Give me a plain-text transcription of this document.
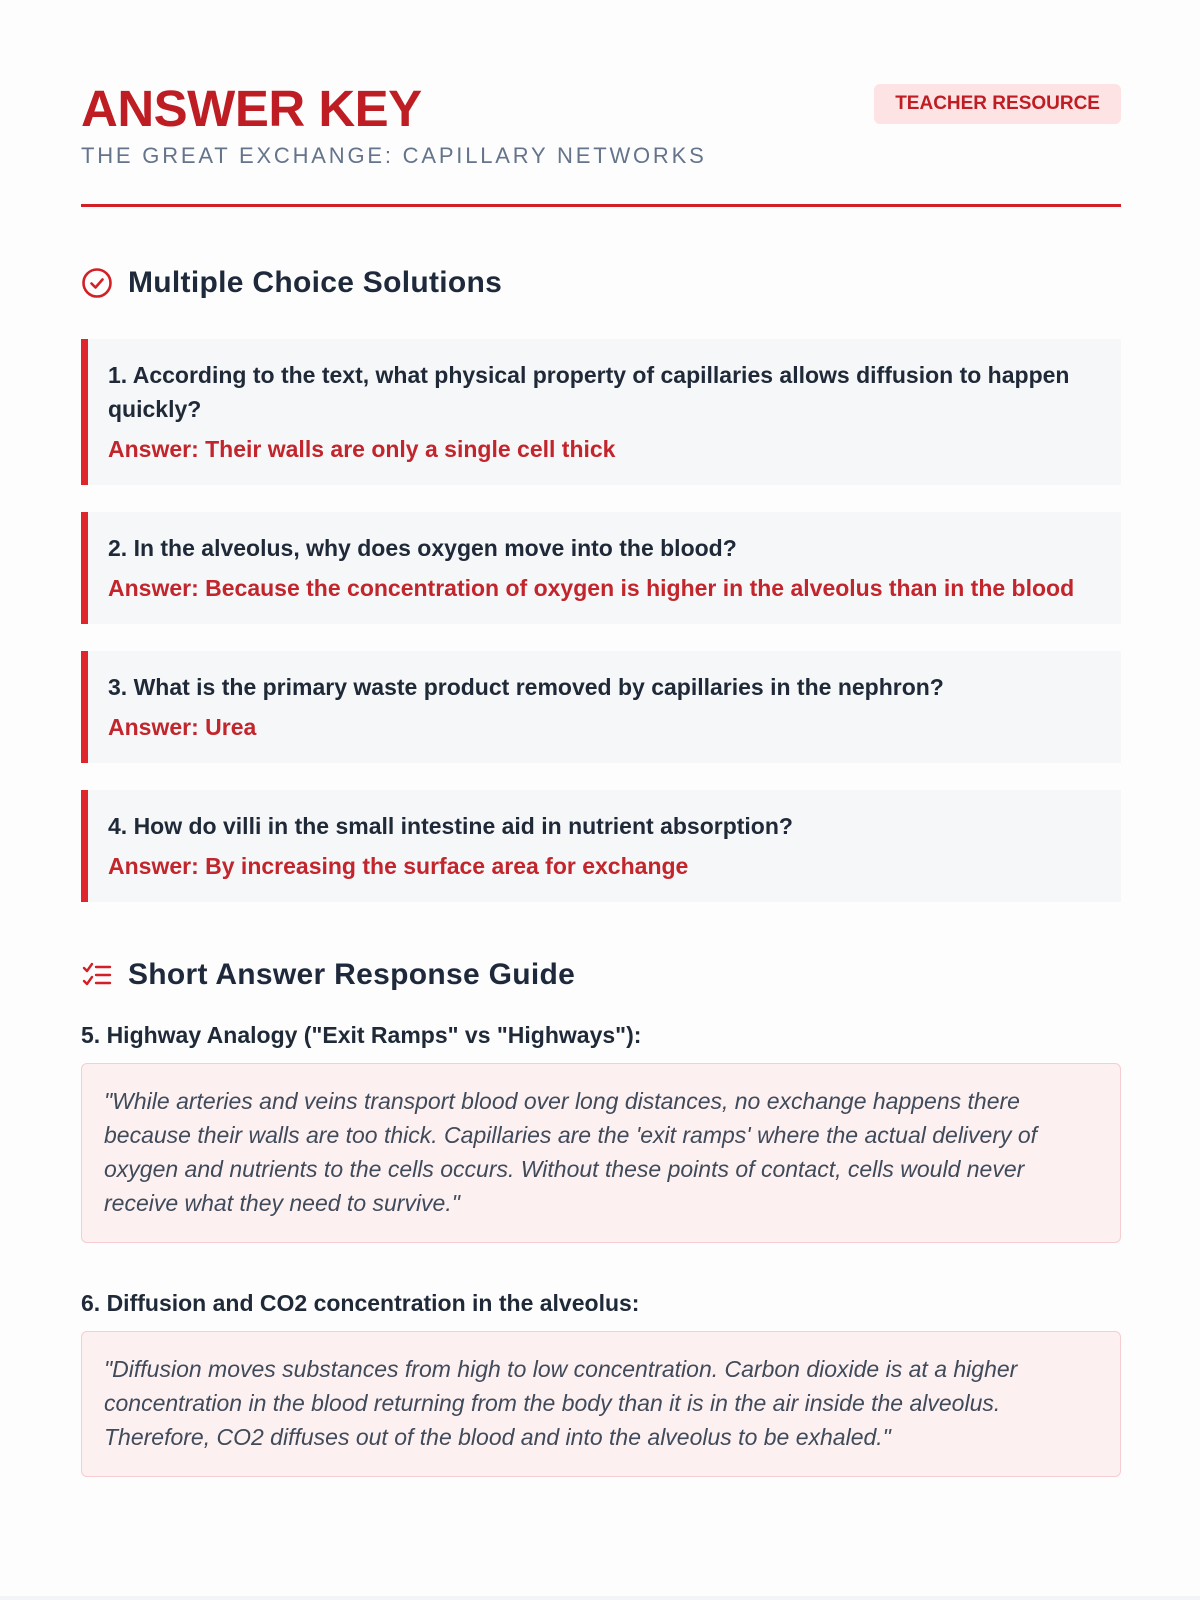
ANSWER KEY
THE GREAT EXCHANGE: CAPILLARY NETWORKS
TEACHER RESOURCE
Multiple Choice Solutions
1. According to the text, what physical property of capillaries allows diffusion to happen quickly?
Answer: Their walls are only a single cell thick
2. In the alveolus, why does oxygen move into the blood?
Answer: Because the concentration of oxygen is higher in the alveolus than in the blood
3. What is the primary waste product removed by capillaries in the nephron?
Answer: Urea
4. How do villi in the small intestine aid in nutrient absorption?
Answer: By increasing the surface area for exchange
Short Answer Response Guide
5. Highway Analogy ("Exit Ramps" vs "Highways"):
"While arteries and veins transport blood over long distances, no exchange happens there because their walls are too thick. Capillaries are the 'exit ramps' where the actual delivery of oxygen and nutrients to the cells occurs. Without these points of contact, cells would never receive what they need to survive."
6. Diffusion and CO2 concentration in the alveolus:
"Diffusion moves substances from high to low concentration. Carbon dioxide is at a higher concentration in the blood returning from the body than it is in the air inside the alveolus. Therefore, CO2 diffuses out of the blood and into the alveolus to be exhaled."
